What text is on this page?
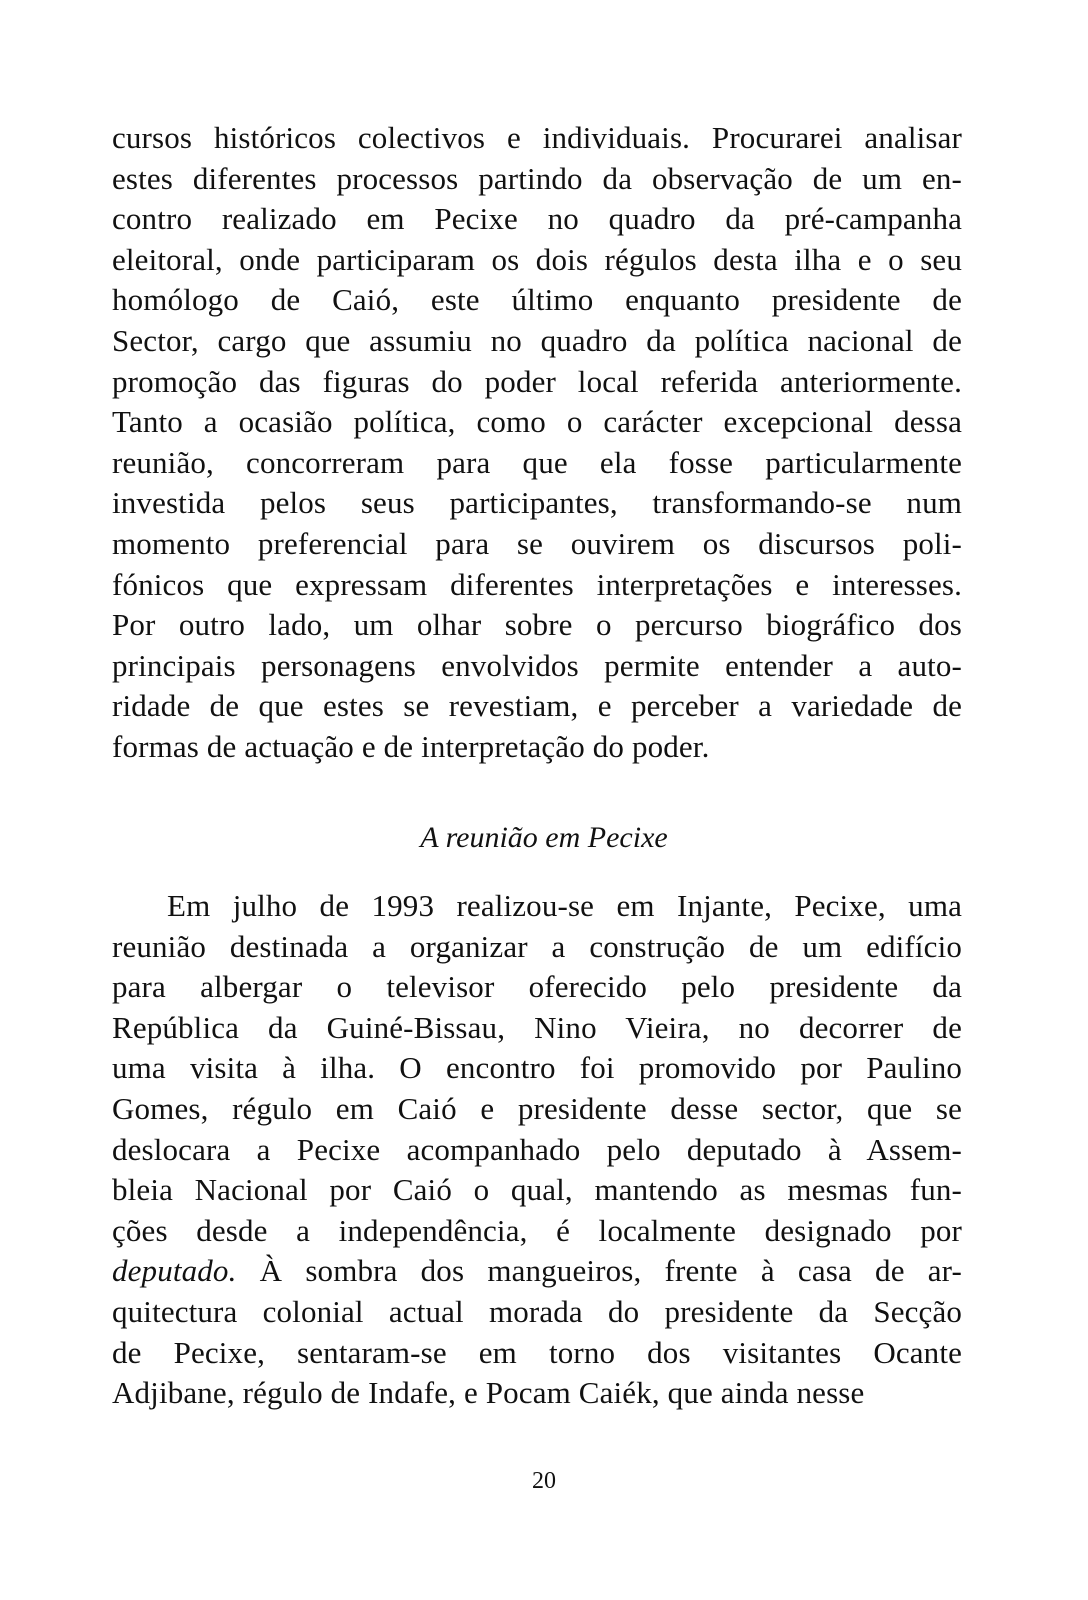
cursos históricos colectivos e individuais. Procurarei analisar
estes diferentes processos partindo da observação de um en-
contro realizado em Pecixe no quadro da pré-campanha
eleitoral, onde participaram os dois régulos desta ilha e o seu
homólogo de Caió, este último enquanto presidente de
Sector, cargo que assumiu no quadro da política nacional de
promoção das figuras do poder local referida anteriormente.
Tanto a ocasião política, como o carácter excepcional dessa
reunião, concorreram para que ela fosse particularmente
investida pelos seus participantes, transformando-se num
momento preferencial para se ouvirem os discursos poli-
fónicos que expressam diferentes interpretações e interesses.
Por outro lado, um olhar sobre o percurso biográfico dos
principais personagens envolvidos permite entender a auto-
ridade de que estes se revestiam, e perceber a variedade de
formas de actuação e de interpretação do poder.
A reunião em Pecixe
Em julho de 1993 realizou-se em Injante, Pecixe, uma
reunião destinada a organizar a construção de um edifício
para albergar o televisor oferecido pelo presidente da
República da Guiné-Bissau, Nino Vieira, no decorrer de
uma visita à ilha. O encontro foi promovido por Paulino
Gomes, régulo em Caió e presidente desse sector, que se
deslocara a Pecixe acompanhado pelo deputado à Assem-
bleia Nacional por Caió o qual, mantendo as mesmas fun-
ções desde a independência, é localmente designado por
deputado. À sombra dos mangueiros, frente à casa de ar-
quitectura colonial actual morada do presidente da Secção
de Pecixe, sentaram-se em torno dos visitantes Ocante
Adjibane, régulo de Indafe, e Pocam Caiék, que ainda nesse
20
